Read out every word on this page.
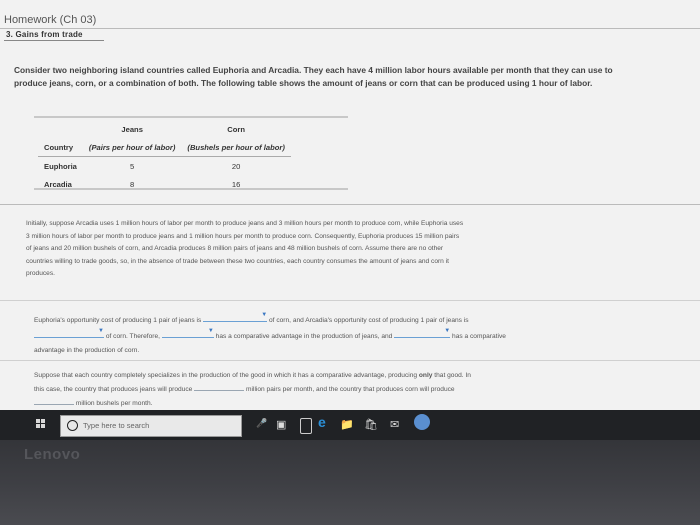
Homework (Ch 03)
3. Gains from trade
Consider two neighboring island countries called Euphoria and Arcadia. They each have 4 million labor hours available per month that they can use to
produce jeans, corn, or a combination of both. The following table shows the amount of jeans or corn that can be produced using 1 hour of labor.
	Jeans	Corn
Country	(Pairs per hour of labor)	(Bushels per hour of labor)
Euphoria	5	20
Arcadia	8	16
Initially, suppose Arcadia uses 1 million hours of labor per month to produce jeans and 3 million hours per month to produce corn, while Euphoria uses
3 million hours of labor per month to produce jeans and 1 million hours per month to produce corn. Consequently, Euphoria produces 15 million pairs
of jeans and 20 million bushels of corn, and Arcadia produces 8 million pairs of jeans and 48 million bushels of corn. Assume there are no other
countries willing to trade goods, so, in the absence of trade between these two countries, each country consumes the amount of jeans and corn it
produces.
Euphoria's opportunity cost of producing 1 pair of jeans is
▼
of corn, and Arcadia's opportunity cost of producing 1 pair of jeans is

▼
of corn. Therefore,
▼
has a comparative advantage in the production of jeans, and
▼
has a comparative
advantage in the production of corn.
Suppose that each country completely specializes in the production of the good in which it has a comparative advantage, producing only that good. In
this case, the country that produces jeans will produce	million pairs per month, and the country that produces corn will produce
million bushels per month.
Lenovo
Type here to search	🎤 ▣ e 📁 🛍 ✉
